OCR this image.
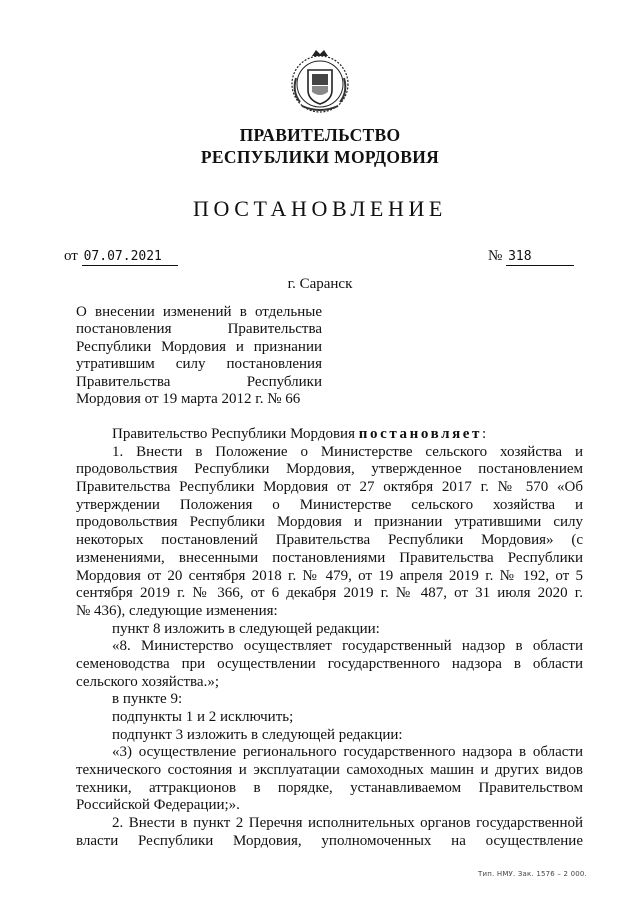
ПРАВИТЕЛЬСТВО
РЕСПУБЛИКИ МОРДОВИЯ
ПОСТАНОВЛЕНИЕ
от 07.07.2021	№ 318
г. Саранск
О внесении изменений в отдельные
постановления Правительства
Республики Мордовия и признании
утратившим силу постановления
Правительства Республики
Мордовия от 19 марта 2012 г. № 66
Правительство Республики Мордовия постановляет:
1. Внести в Положение о Министерстве сельского хозяйства и
продовольствия Республики Мордовия, утвержденное постановлением
Правительства Республики Мордовия от 27 октября 2017 г. № 570 «Об
утверждении Положения о Министерстве сельского хозяйства и
продовольствия Республики Мордовия и признании утратившими силу
некоторых постановлений Правительства Республики Мордовия» (с
изменениями, внесенными постановлениями Правительства Республики
Мордовия от 20 сентября 2018 г. № 479, от 19 апреля 2019 г. № 192, от 5
сентября 2019 г. № 366, от 6 декабря 2019 г. № 487, от 31 июля 2020 г.
№ 436), следующие изменения:
пункт 8 изложить в следующей редакции:
«8. Министерство осуществляет государственный надзор в области
семеноводства при осуществлении государственного надзора в области
сельского хозяйства.»;
в пункте 9:
подпункты 1 и 2 исключить;
подпункт 3 изложить в следующей редакции:
«3) осуществление регионального государственного надзора в области
технического состояния и эксплуатации самоходных машин и других видов
техники, аттракционов в порядке, устанавливаемом Правительством
Российской Федерации;».
2. Внести в пункт 2 Перечня исполнительных органов государственной
власти Республики Мордовия, уполномоченных на осуществление
Тип. НМУ. Зак. 1576 – 2 000.
